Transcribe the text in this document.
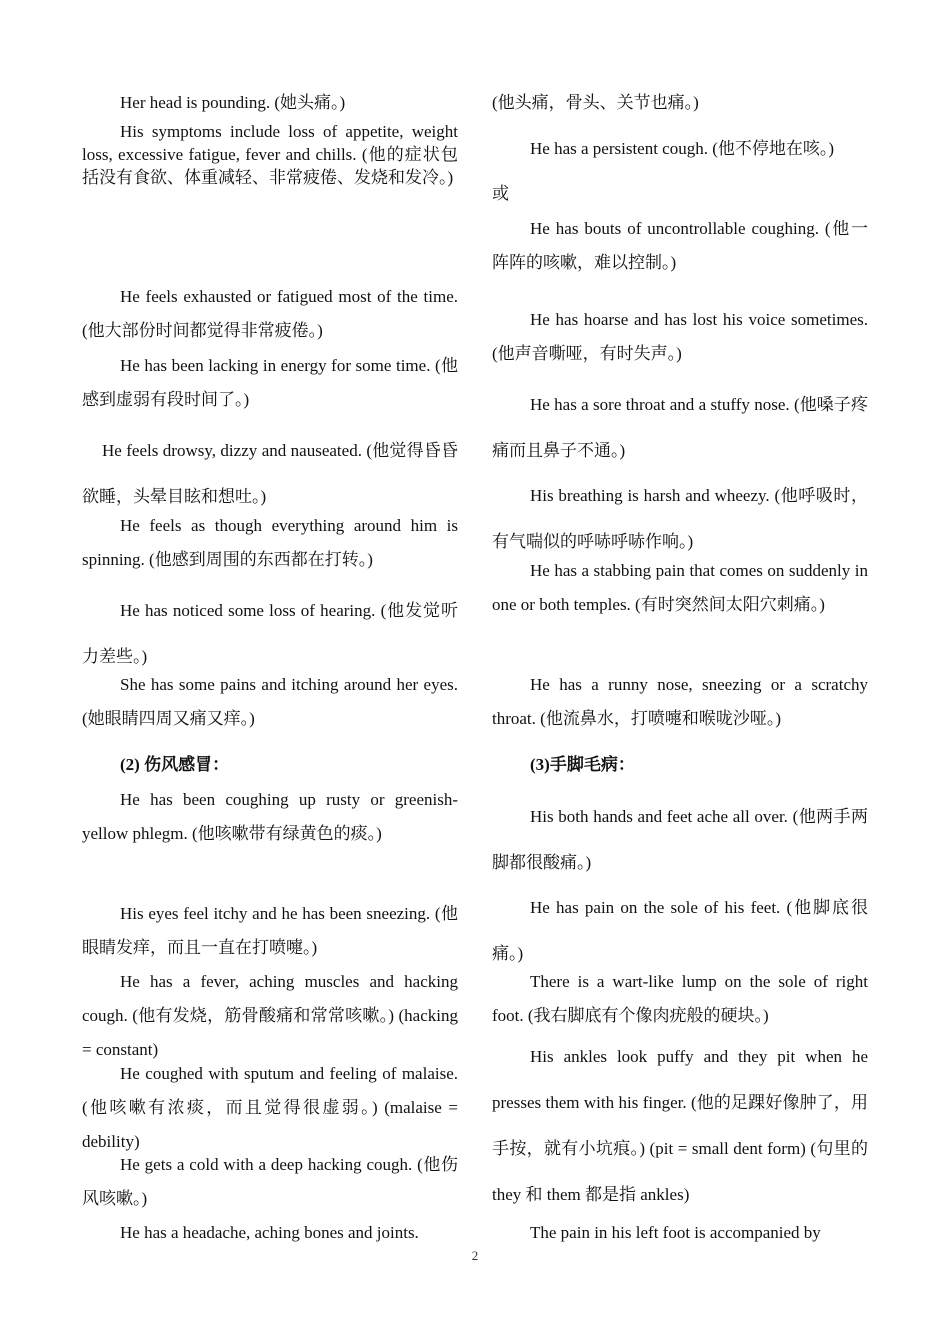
Her head is pounding. (她头痛。)

His symptoms include loss of appetite, weight loss, excessive fatigue, fever and chills. (他的症状包括没有食欲、体重减轻、非常疲倦、发烧和发冷。)

He feels exhausted or fatigued most of the time. (他大部份时间都觉得非常疲倦。)

He has been lacking in energy for some time. (他感到虚弱有段时间了。)

He feels drowsy, dizzy and nauseated. (他觉得昏昏欲睡，头晕目眩和想吐。)

He feels as though everything around him is spinning. (他感到周围的东西都在打转。)

He has noticed some loss of hearing. (他发觉听力差些。)

She has some pains and itching around her eyes. (她眼睛四周又痛又痒。)

(2) 伤风感冒：

He has been coughing up rusty or greenish-yellow phlegm. (他咳嗽带有绿黄色的痰。)

His eyes feel itchy and he has been sneezing. (他眼睛发痒，而且一直在打喷嚏。)

He has a fever, aching muscles and hacking cough. (他有发烧，筋骨酸痛和常常咳嗽。) (hacking = constant)

He coughed with sputum and feeling of malaise. (他咳嗽有浓痰，而且觉得很虚弱。) (malaise = debility)

He gets a cold with a deep hacking cough. (他伤风咳嗽。)

He has a headache, aching bones and joints.

(他头痛，骨头、关节也痛。)

He has a persistent cough. (他不停地在咳。)

或

He has bouts of uncontrollable coughing. (他一阵阵的咳嗽，难以控制。)

He has hoarse and has lost his voice sometimes. (他声音嘶哑，有时失声。)

He has a sore throat and a stuffy nose. (他嗓子疼痛而且鼻子不通。)

His breathing is harsh and wheezy. (他呼吸时，有气喘似的呼哧呼哧作响。)

He has a stabbing pain that comes on suddenly in one or both temples. (有时突然间太阳穴刺痛。)

He has a runny nose, sneezing or a scratchy throat. (他流鼻水，打喷嚏和喉咙沙哑。)

(3)手脚毛病：

His both hands and feet ache all over. (他两手两脚都很酸痛。)

He has pain on the sole of his feet. (他脚底很痛。)

There is a wart-like lump on the sole of right foot. (我右脚底有个像肉疣般的硬块。)

His ankles look puffy and they pit when he presses them with his finger. (他的足踝好像肿了，用手按，就有小坑痕。) (pit = small dent form) (句里的 they 和 them 都是指 ankles)

The pain in his left foot is accompanied by

2
